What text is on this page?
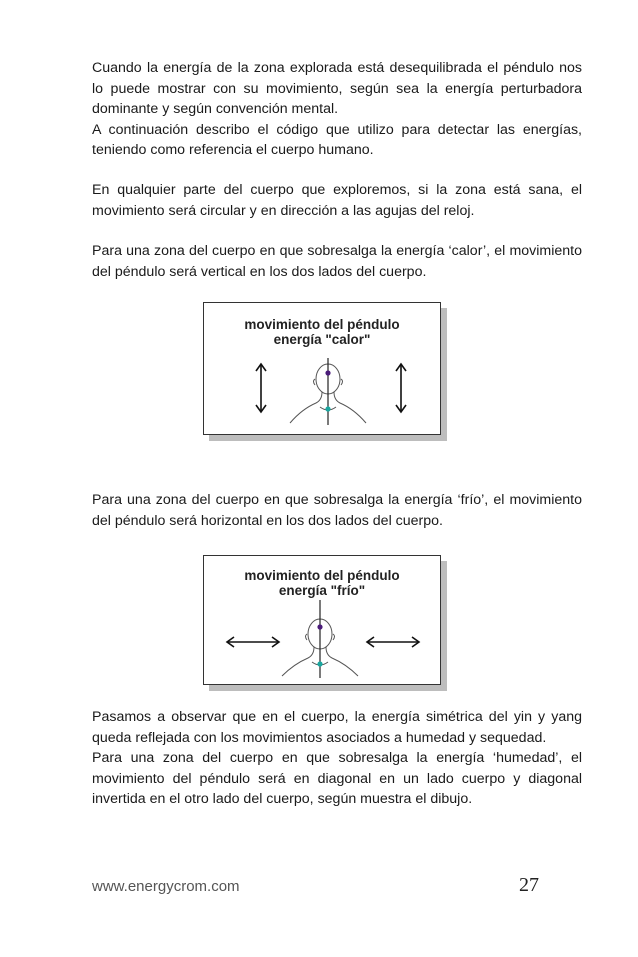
Cuando la energía de la zona explorada está desequilibrada el péndulo nos lo puede mostrar con su movimiento, según sea la energía perturbadora dominante y según convención mental.
A continuación describo el código que utilizo para detectar las energías, teniendo como referencia el cuerpo humano.

En qualquier parte del cuerpo que exploremos, si la zona está sana, el movimiento será circular y en dirección a las agujas del reloj.

Para una zona del cuerpo en que sobresalga la energía ‘calor’, el movimiento del péndulo será vertical en los dos lados del cuerpo.

movimiento del péndulo
energía "calor"

Para una zona del cuerpo en que sobresalga la energía ‘frío’, el movimiento del péndulo será horizontal en los dos lados del cuerpo.

movimiento del péndulo
energía "frío"

Pasamos a observar que en el cuerpo, la energía simétrica del yin y yang queda reflejada con los movimientos asociados a humedad y sequedad.
Para una zona del cuerpo en que sobresalga la energía ‘humedad’, el movimiento del péndulo será en diagonal en un lado cuerpo y diagonal invertida en el otro lado del cuerpo, según muestra el dibujo.

www.energycrom.com	27
